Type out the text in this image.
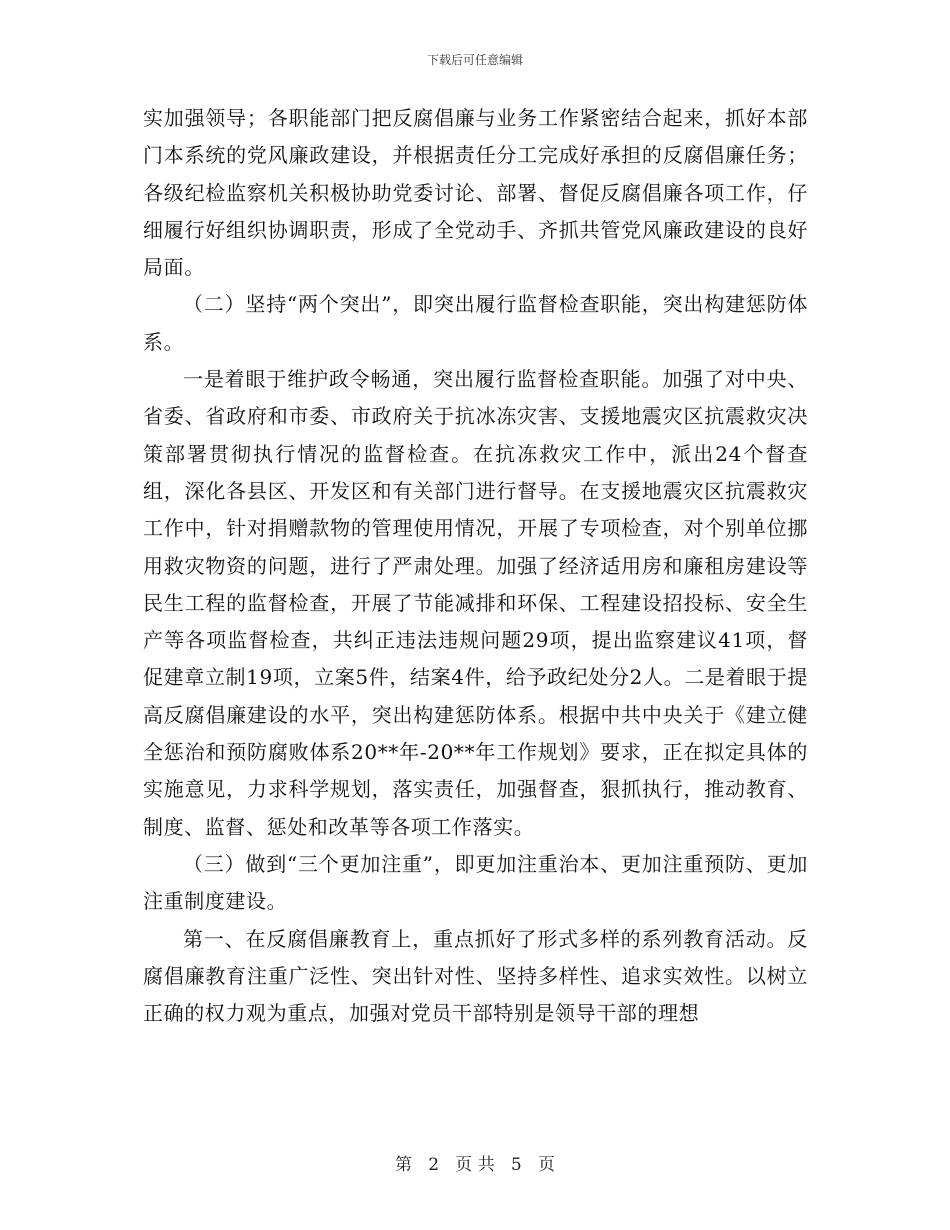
下载后可任意编辑

实加强领导；各职能部门把反腐倡廉与业务工作紧密结合起来，抓好本部门本系统的党风廉政建设，并根据责任分工完成好承担的反腐倡廉任务；各级纪检监察机关积极协助党委讨论、部署、督促反腐倡廉各项工作，仔细履行好组织协调职责，形成了全党动手、齐抓共管党风廉政建设的良好局面。

（二）坚持“两个突出”，即突出履行监督检查职能，突出构建惩防体系。

一是着眼于维护政令畅通，突出履行监督检查职能。加强了对中央、省委、省政府和市委、市政府关于抗冰冻灾害、支援地震灾区抗震救灾决策部署贯彻执行情况的监督检查。在抗冻救灾工作中，派出24个督查组，深化各县区、开发区和有关部门进行督导。在支援地震灾区抗震救灾工作中，针对捐赠款物的管理使用情况，开展了专项检查，对个别单位挪用救灾物资的问题，进行了严肃处理。加强了经济适用房和廉租房建设等民生工程的监督检查，开展了节能减排和环保、工程建设招投标、安全生产等各项监督检查，共纠正违法违规问题29项，提出监察建议41项，督促建章立制19项，立案5件，结案4件，给予政纪处分2人。二是着眼于提高反腐倡廉建设的水平，突出构建惩防体系。根据中共中央关于《建立健全惩治和预防腐败体系20**年-20**年工作规划》要求，正在拟定具体的实施意见，力求科学规划，落实责任，加强督查，狠抓执行，推动教育、制度、监督、惩处和改革等各项工作落实。

（三）做到“三个更加注重”，即更加注重治本、更加注重预防、更加注重制度建设。

第一、在反腐倡廉教育上，重点抓好了形式多样的系列教育活动。反腐倡廉教育注重广泛性、突出针对性、坚持多样性、追求实效性。以树立正确的权力观为重点，加强对党员干部特别是领导干部的理想

第 2 页 共 5 页
